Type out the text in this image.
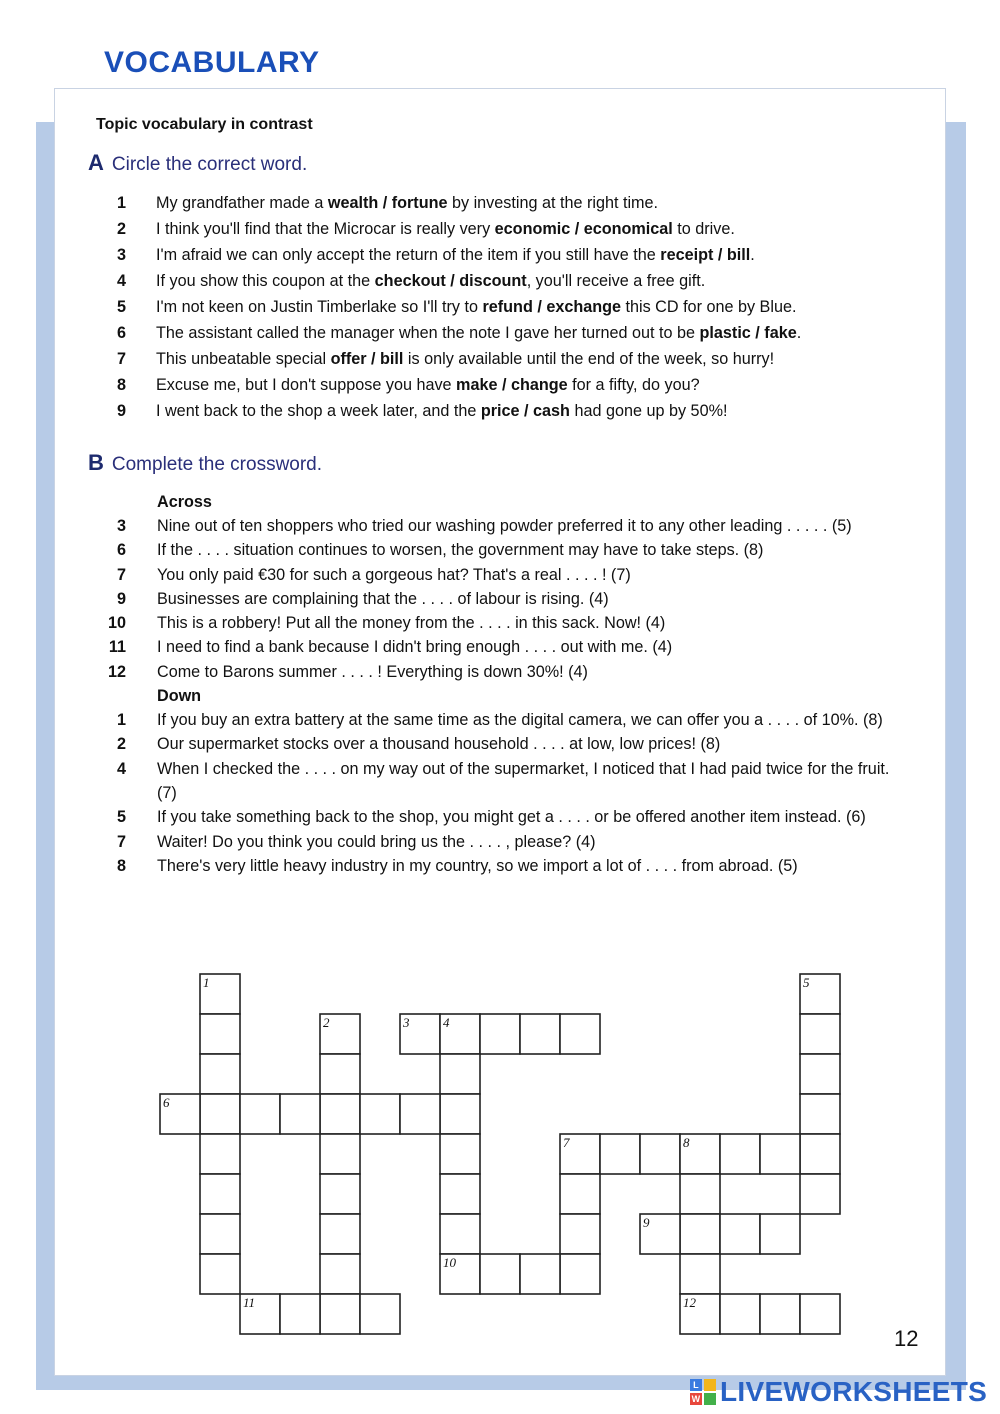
VOCABULARY
Topic vocabulary in contrast
A Circle the correct word.
1 My grandfather made a wealth / fortune by investing at the right time.
2 I think you'll find that the Microcar is really very economic / economical to drive.
3 I'm afraid we can only accept the return of the item if you still have the receipt / bill.
4 If you show this coupon at the checkout / discount, you'll receive a free gift.
5 I'm not keen on Justin Timberlake so I'll try to refund / exchange this CD for one by Blue.
6 The assistant called the manager when the note I gave her turned out to be plastic / fake.
7 This unbeatable special offer / bill is only available until the end of the week, so hurry!
8 Excuse me, but I don't suppose you have make / change for a fifty, do you?
9 I went back to the shop a week later, and the price / cash had gone up by 50%!
B Complete the crossword.
Across
3 Nine out of ten shoppers who tried our washing powder preferred it to any other leading . . . . . (5)
6 If the . . . . situation continues to worsen, the government may have to take steps. (8)
7 You only paid €30 for such a gorgeous hat? That's a real . . . . ! (7)
9 Businesses are complaining that the . . . . of labour is rising. (4)
10 This is a robbery! Put all the money from the . . . . in this sack. Now! (4)
11 I need to find a bank because I didn't bring enough . . . . out with me. (4)
12 Come to Barons summer . . . . ! Everything is down 30%! (4)
Down
1 If you buy an extra battery at the same time as the digital camera, we can offer you a . . . . of 10%. (8)
2 Our supermarket stocks over a thousand household . . . . at low, low prices! (8)
4 When I checked the . . . . on my way out of the supermarket, I noticed that I had paid twice for the fruit. (7)
5 If you take something back to the shop, you might get a . . . . or be offered another item instead. (6)
7 Waiter! Do you think you could bring us the . . . . , please? (4)
8 There's very little heavy industry in my country, so we import a lot of . . . . from abroad. (5)
1
2	3	4
5
6
7	8
9
10
11	12
12
L
W LIVEWORKSHEETS
